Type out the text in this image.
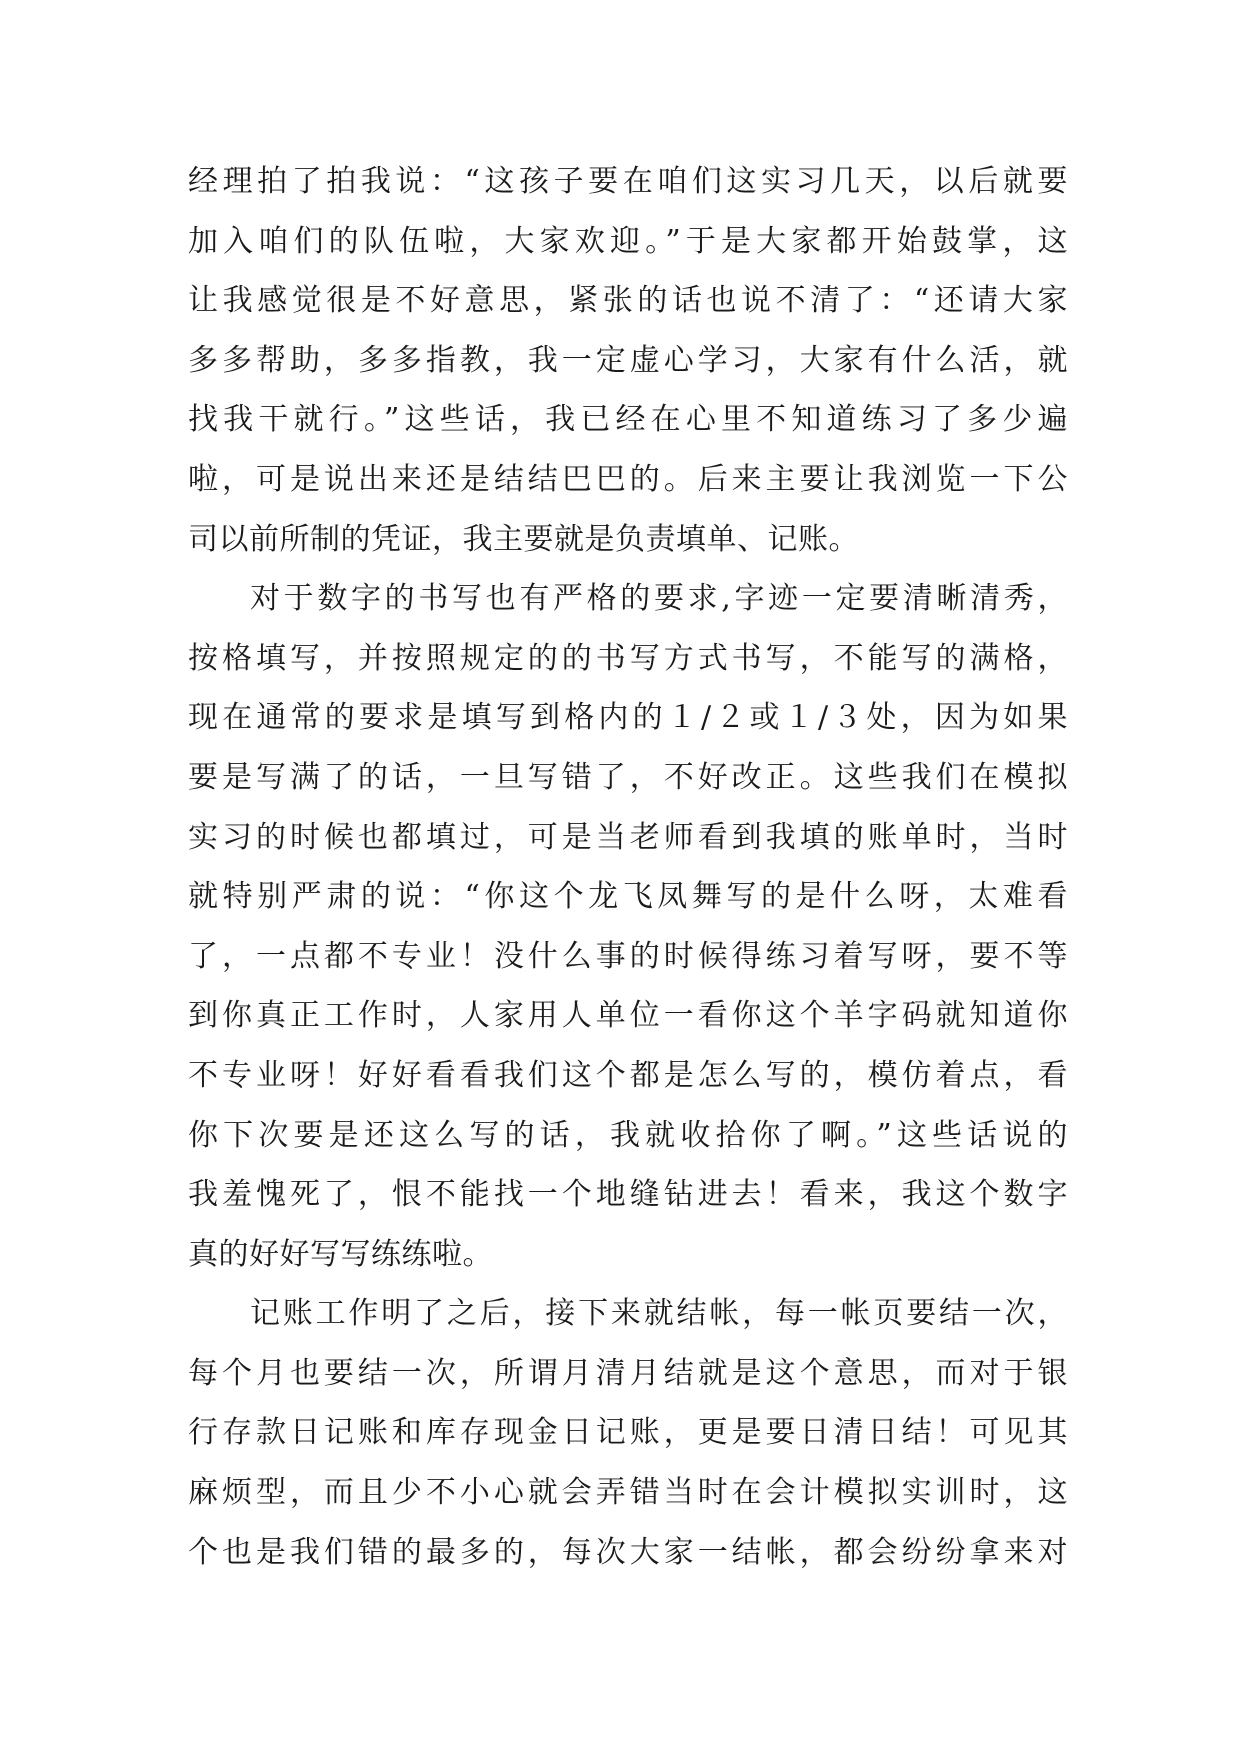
经理拍了拍我说：“这孩子要在咱们这实习几天，以后就要
加入咱们的队伍啦，大家欢迎。”于是大家都开始鼓掌，这
让我感觉很是不好意思，紧张的话也说不清了：“还请大家
多多帮助，多多指教，我一定虚心学习，大家有什么活，就
找我干就行。”这些话，我已经在心里不知道练习了多少遍
啦，可是说出来还是结结巴巴的。后来主要让我浏览一下公
司以前所制的凭证，我主要就是负责填单、记账。
对于数字的书写也有严格的要求,字迹一定要清晰清秀，
按格填写，并按照规定的的书写方式书写，不能写的满格，
现在通常的要求是填写到格内的１/２或１/３处，因为如果
要是写满了的话，一旦写错了，不好改正。这些我们在模拟
实习的时候也都填过，可是当老师看到我填的账单时，当时
就特别严肃的说：“你这个龙飞凤舞写的是什么呀，太难看
了，一点都不专业！没什么事的时候得练习着写呀，要不等
到你真正工作时，人家用人单位一看你这个羊字码就知道你
不专业呀！好好看看我们这个都是怎么写的，模仿着点，看
你下次要是还这么写的话，我就收拾你了啊。”这些话说的
我羞愧死了，恨不能找一个地缝钻进去！看来，我这个数字
真的好好写写练练啦。
记账工作明了之后，接下来就结帐，每一帐页要结一次，
每个月也要结一次，所谓月清月结就是这个意思，而对于银
行存款日记账和库存现金日记账，更是要日清日结！可见其
麻烦型，而且少不小心就会弄错当时在会计模拟实训时，这
个也是我们错的最多的，每次大家一结帐，都会纷纷拿来对
